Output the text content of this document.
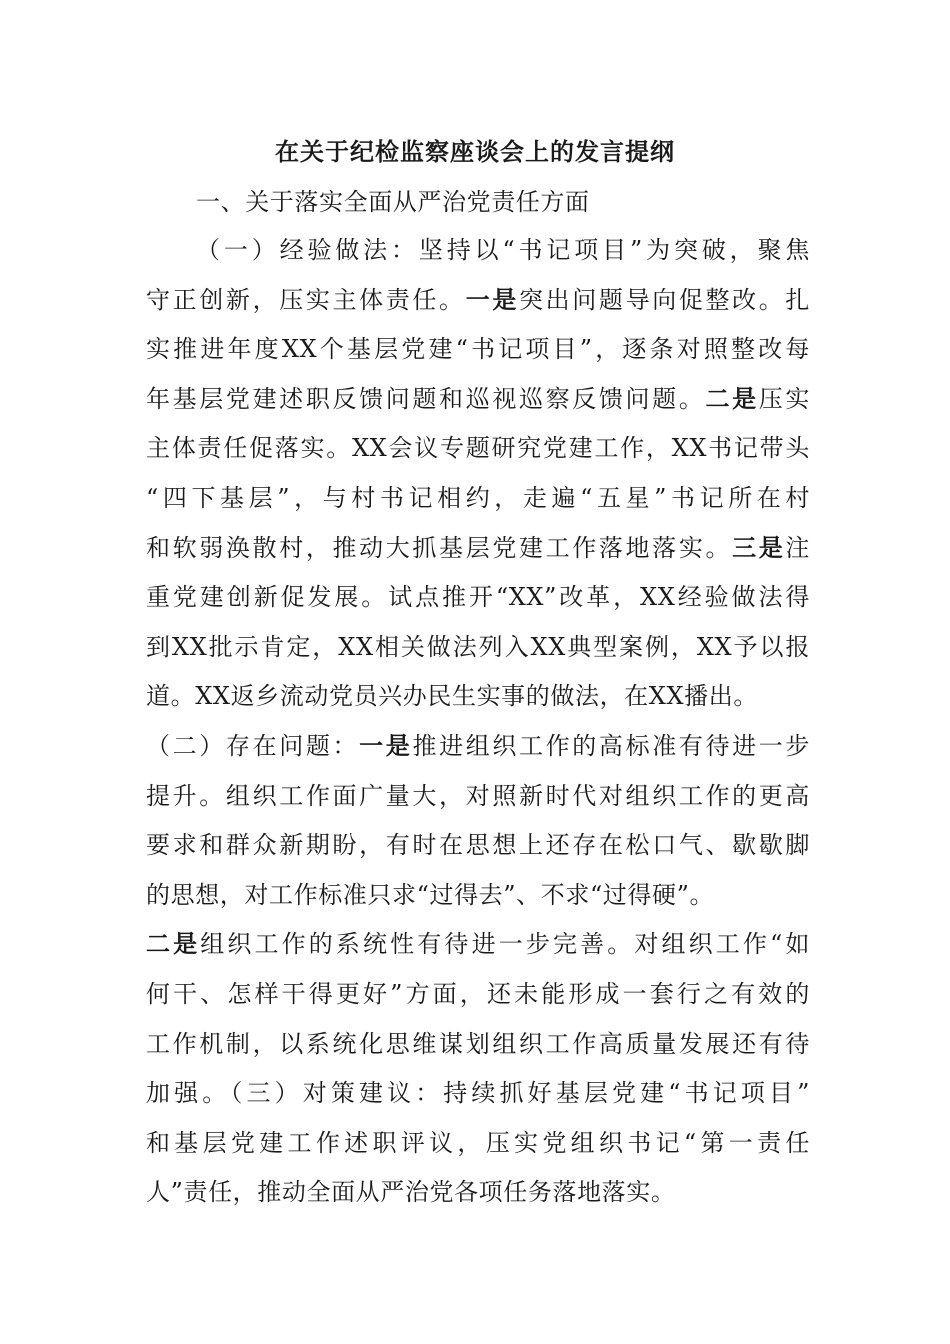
在关于纪检监察座谈会上的发言提纲
一、关于落实全面从严治党责任方面
（一）经验做法：坚持以“书记项目”为突破，聚焦
守正创新，压实主体责任。一是突出问题导向促整改。扎
实推进年度XX个基层党建“书记项目”，逐条对照整改每
年基层党建述职反馈问题和巡视巡察反馈问题。二是压实
主体责任促落实。XX会议专题研究党建工作，XX书记带头
“四下基层”，与村书记相约，走遍“五星”书记所在村
和软弱涣散村，推动大抓基层党建工作落地落实。三是注
重党建创新促发展。试点推开“XX”改革，XX经验做法得
到XX批示肯定，XX相关做法列入XX典型案例，XX予以报
道。XX返乡流动党员兴办民生实事的做法，在XX播出。
（二）存在问题：一是推进组织工作的高标准有待进一步
提升。组织工作面广量大，对照新时代对组织工作的更高
要求和群众新期盼，有时在思想上还存在松口气、歇歇脚
的思想，对工作标准只求“过得去”、不求“过得硬”。
二是组织工作的系统性有待进一步完善。对组织工作“如
何干、怎样干得更好”方面，还未能形成一套行之有效的
工作机制，以系统化思维谋划组织工作高质量发展还有待
加强。（三）对策建议：持续抓好基层党建“书记项目”
和基层党建工作述职评议，压实党组织书记“第一责任
人”责任，推动全面从严治党各项任务落地落实。
